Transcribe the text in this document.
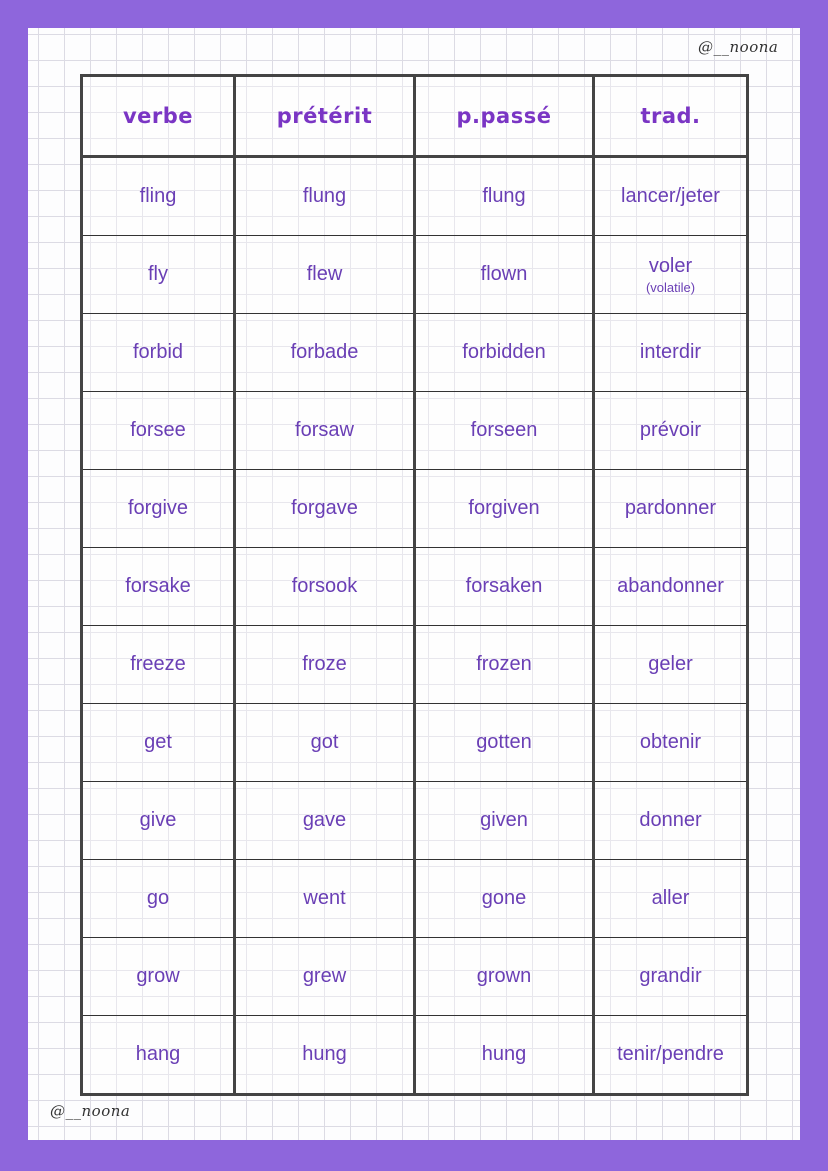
@__noona
verbe	prétérit	p.passé	trad.
fling	flung	flung	lancer/jeter
fly	flew	flown	voler
(volatile)

forbid	forbade	forbidden	interdir
forsee	forsaw	forseen	prévoir
forgive	forgave	forgiven	pardonner
forsake	forsook	forsaken	abandonner
freeze	froze	frozen	geler
get	got	gotten	obtenir
give	gave	given	donner
go	went	gone	aller
grow	grew	grown	grandir
hang	hung	hung	tenir/pendre
@__noona
